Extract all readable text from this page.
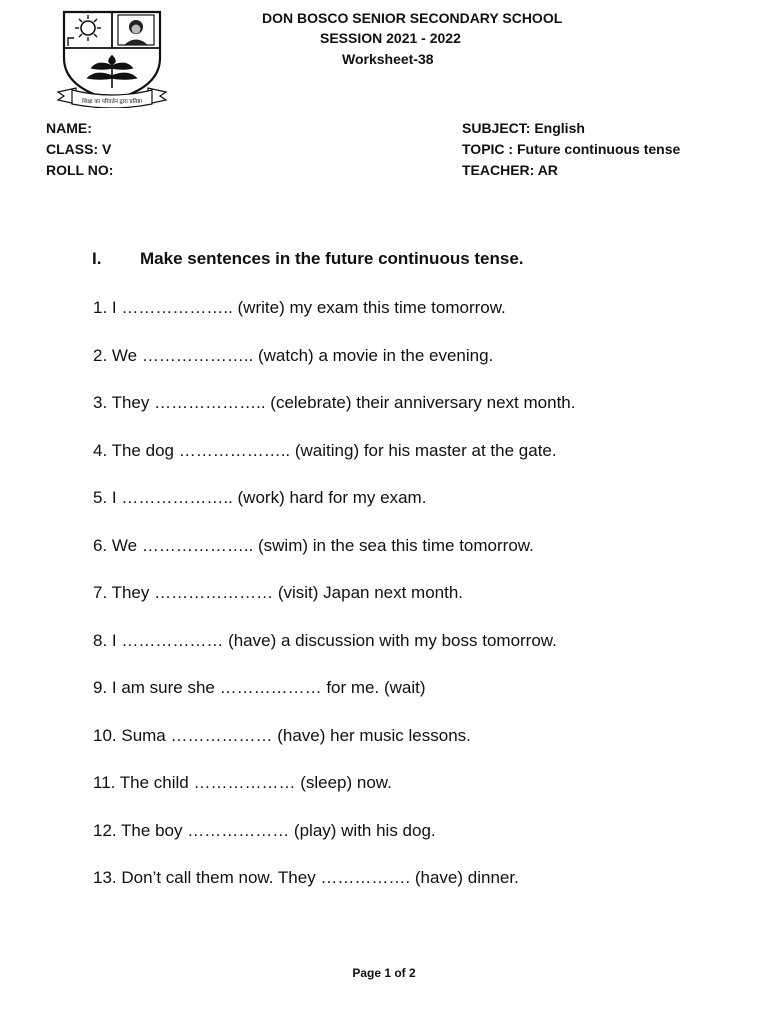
शिक्षा का परिवर्तन द्वारा प्रतिष्ठा
DON BOSCO SENIOR SECONDARY SCHOOL
SESSION 2021 - 2022
Worksheet-38
NAME:
CLASS: V
ROLL NO:
SUBJECT: English
TOPIC : Future continuous tense
TEACHER: AR
I. Make sentences in the future continuous tense.
1. I ……………….. (write) my exam this time tomorrow.
2. We ……………….. (watch) a movie in the evening.
3. They ……………….. (celebrate) their anniversary next month.
4. The dog ……………….. (waiting) for his master at the gate.
5. I ……………….. (work) hard for my exam.
6. We ……………….. (swim) in the sea this time tomorrow.
7. They ………………… (visit) Japan next month.
8. I ……………… (have) a discussion with my boss tomorrow.
9. I am sure she ……………… for me. (wait)
10. Suma ……………… (have) her music lessons.
11. The child ……………… (sleep) now.
12. The boy ……………… (play) with his dog.
13. Don’t call them now. They ……………. (have) dinner.
Page 1 of 2
